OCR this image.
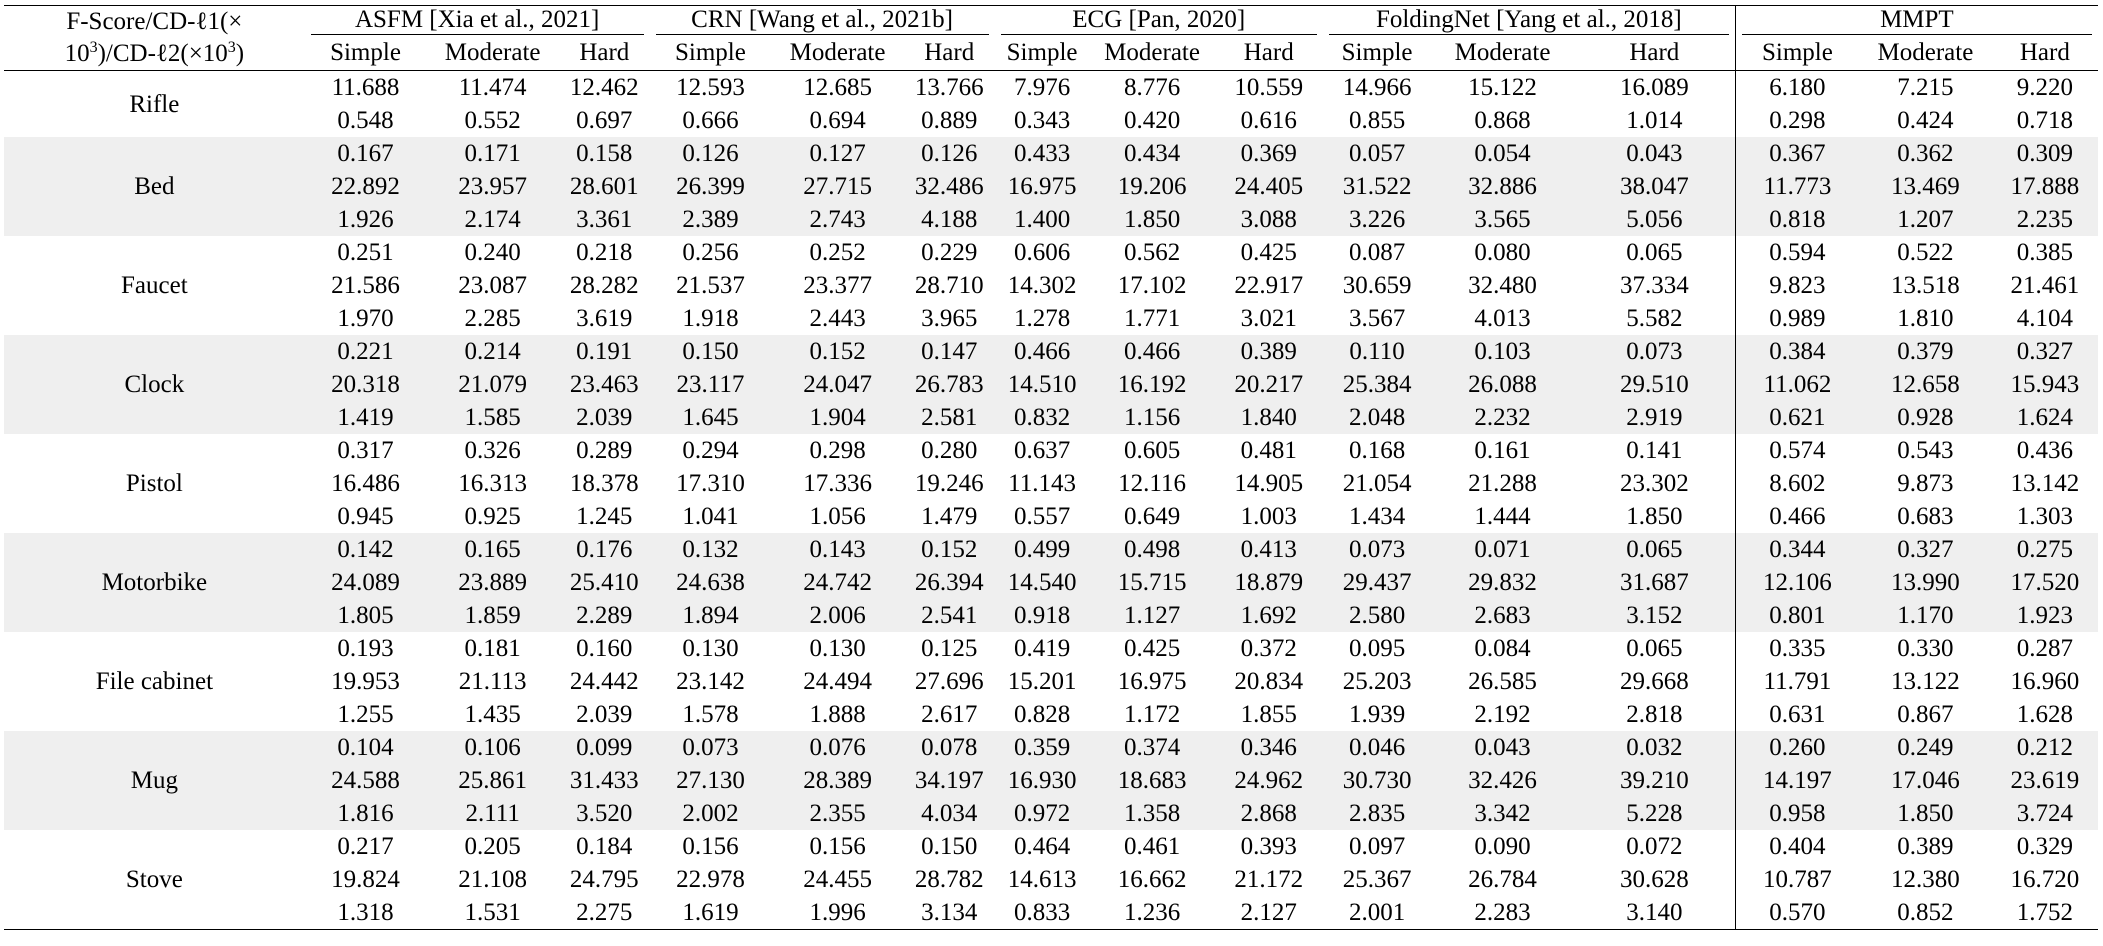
F-Score/CD-ℓ1(×
$10^3)/CD-\ell 2(\times 10^3)$	ASFM [Xia et al., 2021]			CRN [Wang et al., 2021b]			ECG [Pan, 2020]			FoldingNet [Yang et al., 2018]			MMPT		

	Simple	Moderate	Hard	Simple	Moderate	Hard	Simple	Moderate	Hard	Simple	Moderate	Hard	Simple	Moderate	Hard
Rifle	11.688	11.474	12.462	12.593	12.685	13.766	7.976	8.776	10.559	14.966	15.122	16.089	6.180	7.215	9.220
	0.548	0.552	0.697	0.666	0.694	0.889	0.343	0.420	0.616	0.855	0.868	1.014	0.298	0.424	0.718
Bed	0.167	0.171	0.158	0.126	0.127	0.126	0.433	0.434	0.369	0.057	0.054	0.043	0.367	0.362	0.309
	22.892	23.957	28.601	26.399	27.715	32.486	16.975	19.206	24.405	31.522	32.886	38.047	11.773	13.469	17.888
	1.926	2.174	3.361	2.389	2.743	4.188	1.400	1.850	3.088	3.226	3.565	5.056	0.818	1.207	2.235
Faucet	0.251	0.240	0.218	0.256	0.252	0.229	0.606	0.562	0.425	0.087	0.080	0.065	0.594	0.522	0.385
	21.586	23.087	28.282	21.537	23.377	28.710	14.302	17.102	22.917	30.659	32.480	37.334	9.823	13.518	21.461
	1.970	2.285	3.619	1.918	2.443	3.965	1.278	1.771	3.021	3.567	4.013	5.582	0.989	1.810	4.104
Clock	0.221	0.214	0.191	0.150	0.152	0.147	0.466	0.466	0.389	0.110	0.103	0.073	0.384	0.379	0.327
	20.318	21.079	23.463	23.117	24.047	26.783	14.510	16.192	20.217	25.384	26.088	29.510	11.062	12.658	15.943
	1.419	1.585	2.039	1.645	1.904	2.581	0.832	1.156	1.840	2.048	2.232	2.919	0.621	0.928	1.624
Pistol	0.317	0.326	0.289	0.294	0.298	0.280	0.637	0.605	0.481	0.168	0.161	0.141	0.574	0.543	0.436
	16.486	16.313	18.378	17.310	17.336	19.246	11.143	12.116	14.905	21.054	21.288	23.302	8.602	9.873	13.142
	0.945	0.925	1.245	1.041	1.056	1.479	0.557	0.649	1.003	1.434	1.444	1.850	0.466	0.683	1.303
Motorbike	0.142	0.165	0.176	0.132	0.143	0.152	0.499	0.498	0.413	0.073	0.071	0.065	0.344	0.327	0.275
	24.089	23.889	25.410	24.638	24.742	26.394	14.540	15.715	18.879	29.437	29.832	31.687	12.106	13.990	17.520
	1.805	1.859	2.289	1.894	2.006	2.541	0.918	1.127	1.692	2.580	2.683	3.152	0.801	1.170	1.923
File cabinet	0.193	0.181	0.160	0.130	0.130	0.125	0.419	0.425	0.372	0.095	0.084	0.065	0.335	0.330	0.287
	19.953	21.113	24.442	23.142	24.494	27.696	15.201	16.975	20.834	25.203	26.585	29.668	11.791	13.122	16.960
	1.255	1.435	2.039	1.578	1.888	2.617	0.828	1.172	1.855	1.939	2.192	2.818	0.631	0.867	1.628
Mug	0.104	0.106	0.099	0.073	0.076	0.078	0.359	0.374	0.346	0.046	0.043	0.032	0.260	0.249	0.212
	24.588	25.861	31.433	27.130	28.389	34.197	16.930	18.683	24.962	30.730	32.426	39.210	14.197	17.046	23.619
	1.816	2.111	3.520	2.002	2.355	4.034	0.972	1.358	2.868	2.835	3.342	5.228	0.958	1.850	3.724
Stove	0.217	0.205	0.184	0.156	0.156	0.150	0.464	0.461	0.393	0.097	0.090	0.072	0.404	0.389	0.329
	19.824	21.108	24.795	22.978	24.455	28.782	14.613	16.662	21.172	25.367	26.784	30.628	10.787	12.380	16.720
	1.318	1.531	2.275	1.619	1.996	3.134	0.833	1.236	2.127	2.001	2.283	3.140	0.570	0.852	1.752
